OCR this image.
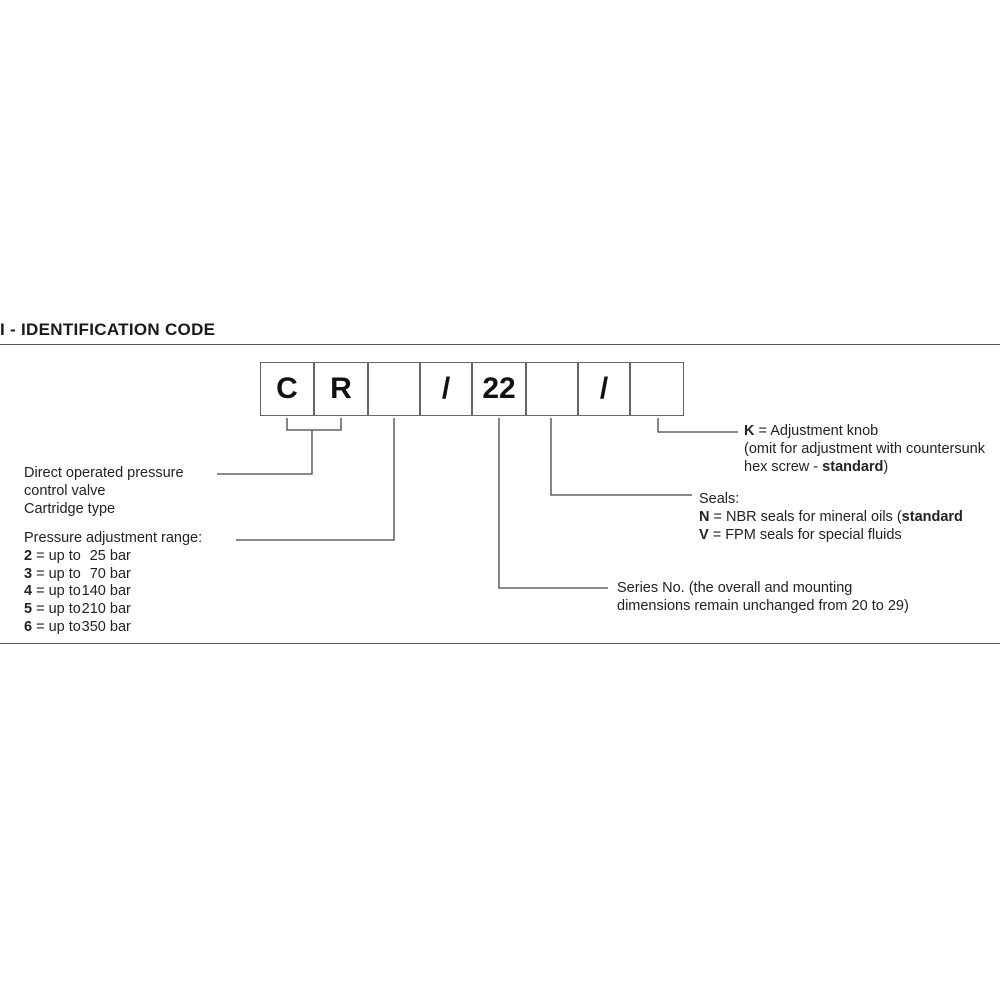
I - IDENTIFICATION CODE
C	R	/	22	/
Direct operated pressure
control valve
Cartridge type
Pressure adjustment range:
2 = up to 25 bar
3 = up to 70 bar
4 = up to140 bar
5 = up to210 bar
6 = up to350 bar
Series No. (the overall and mounting
dimensions remain unchanged from 20 to 29)
Seals:
N = NBR seals for mineral oils (standard
V = FPM seals for special fluids
K = Adjustment knob
(omit for adjustment with countersunk
hex screw - standard)
